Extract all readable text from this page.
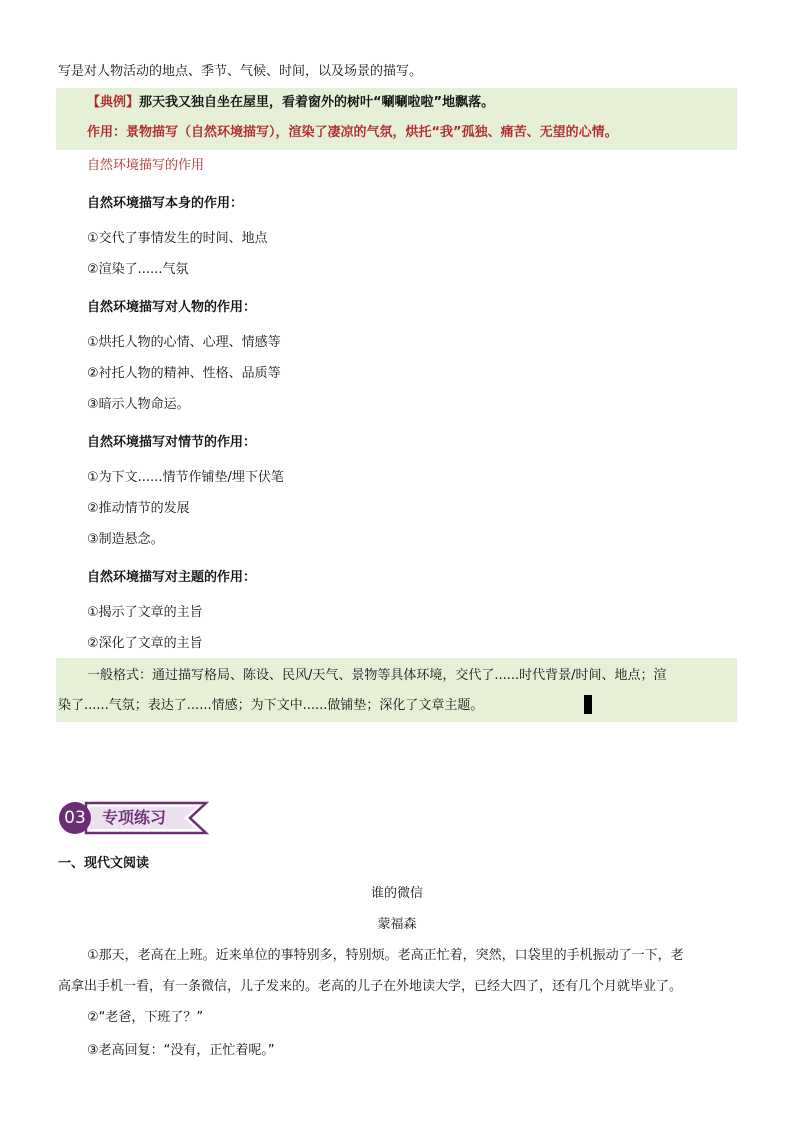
写是对人物活动的地点、季节、气候、时间，以及场景的描写。
【典例】那天我又独自坐在屋里，看着窗外的树叶“唰唰啦啦”地飘落。
作用：景物描写（自然环境描写），渲染了凄凉的气氛，烘托“我”孤独、痛苦、无望的心情。
自然环境描写的作用
自然环境描写本身的作用：
①交代了事情发生的时间、地点
②渲染了......气氛
自然环境描写对人物的作用：
①烘托人物的心情、心理、情感等
②衬托人物的精神、性格、品质等
③暗示人物命运。
自然环境描写对情节的作用：
①为下文......情节作铺垫/埋下伏笔
②推动情节的发展
③制造悬念。
自然环境描写对主题的作用：
①揭示了文章的主旨
②深化了文章的主旨
一般格式：通过描写格局、陈设、民风/天气、景物等具体环境，交代了......时代背景/时间、地点；渲
染了......气氛；表达了......情感；为下文中......做铺垫；深化了文章主题。
03	专项练习
一、现代文阅读
谁的微信
蒙福森
①那天，老高在上班。近来单位的事特别多，特别烦。老高正忙着，突然，口袋里的手机振动了一下，老
高拿出手机一看，有一条微信，儿子发来的。老高的儿子在外地读大学，已经大四了，还有几个月就毕业了。
②“老爸，下班了？”
③老高回复：“没有，正忙着呢。”
